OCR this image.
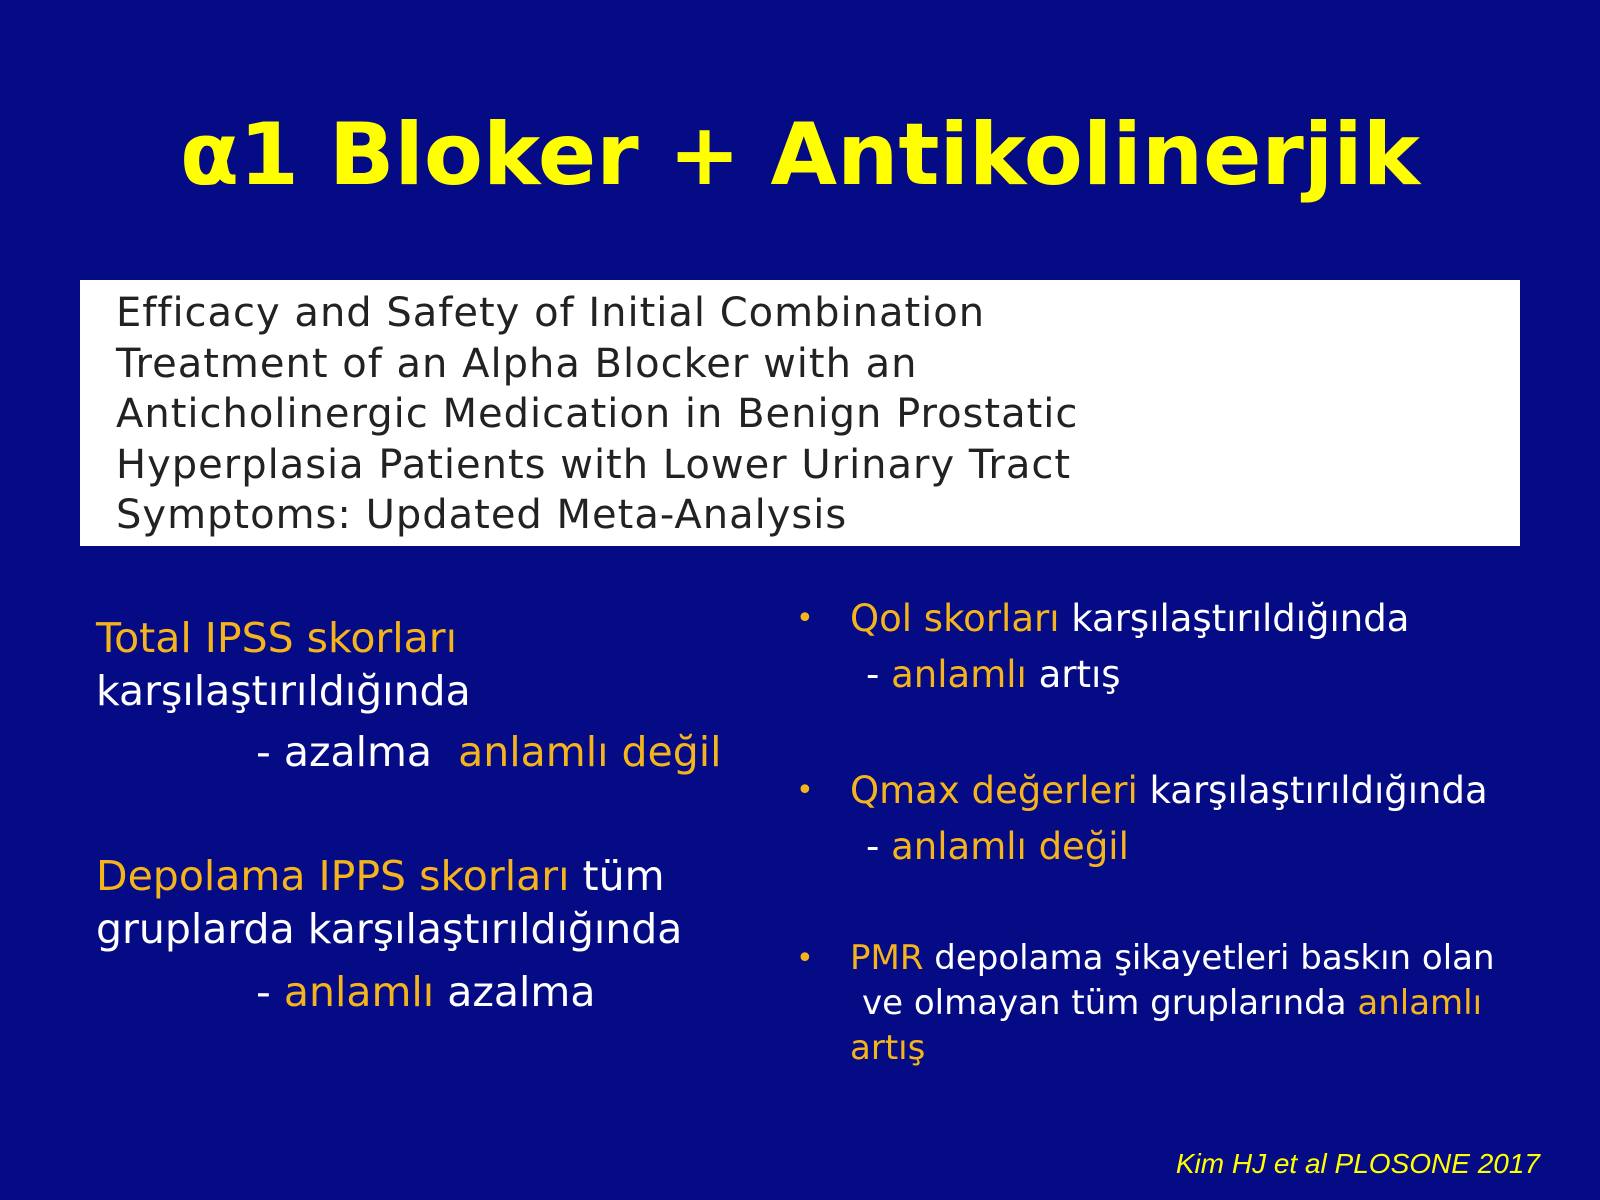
α1 Bloker + Antikolinerjik
Efficacy and Safety of Initial Combination
Treatment of an Alpha Blocker with an
Anticholinergic Medication in Benign Prostatic
Hyperplasia Patients with Lower Urinary Tract
Symptoms: Updated Meta-Analysis
Total IPSS skorları
karşılaştırıldığında
- azalma anlamlı değil
Depolama IPPS skorları tüm
gruplarda karşılaştırıldığında
- anlamlı azalma
• Qol skorları karşılaştırıldığında
- anlamlı artış
• Qmax değerleri karşılaştırıldığında
- anlamlı değil
• PMR depolama şikayetleri baskın olan
ve olmayan tüm gruplarında anlamlı
artış
Kim HJ et al PLOSONE 2017
